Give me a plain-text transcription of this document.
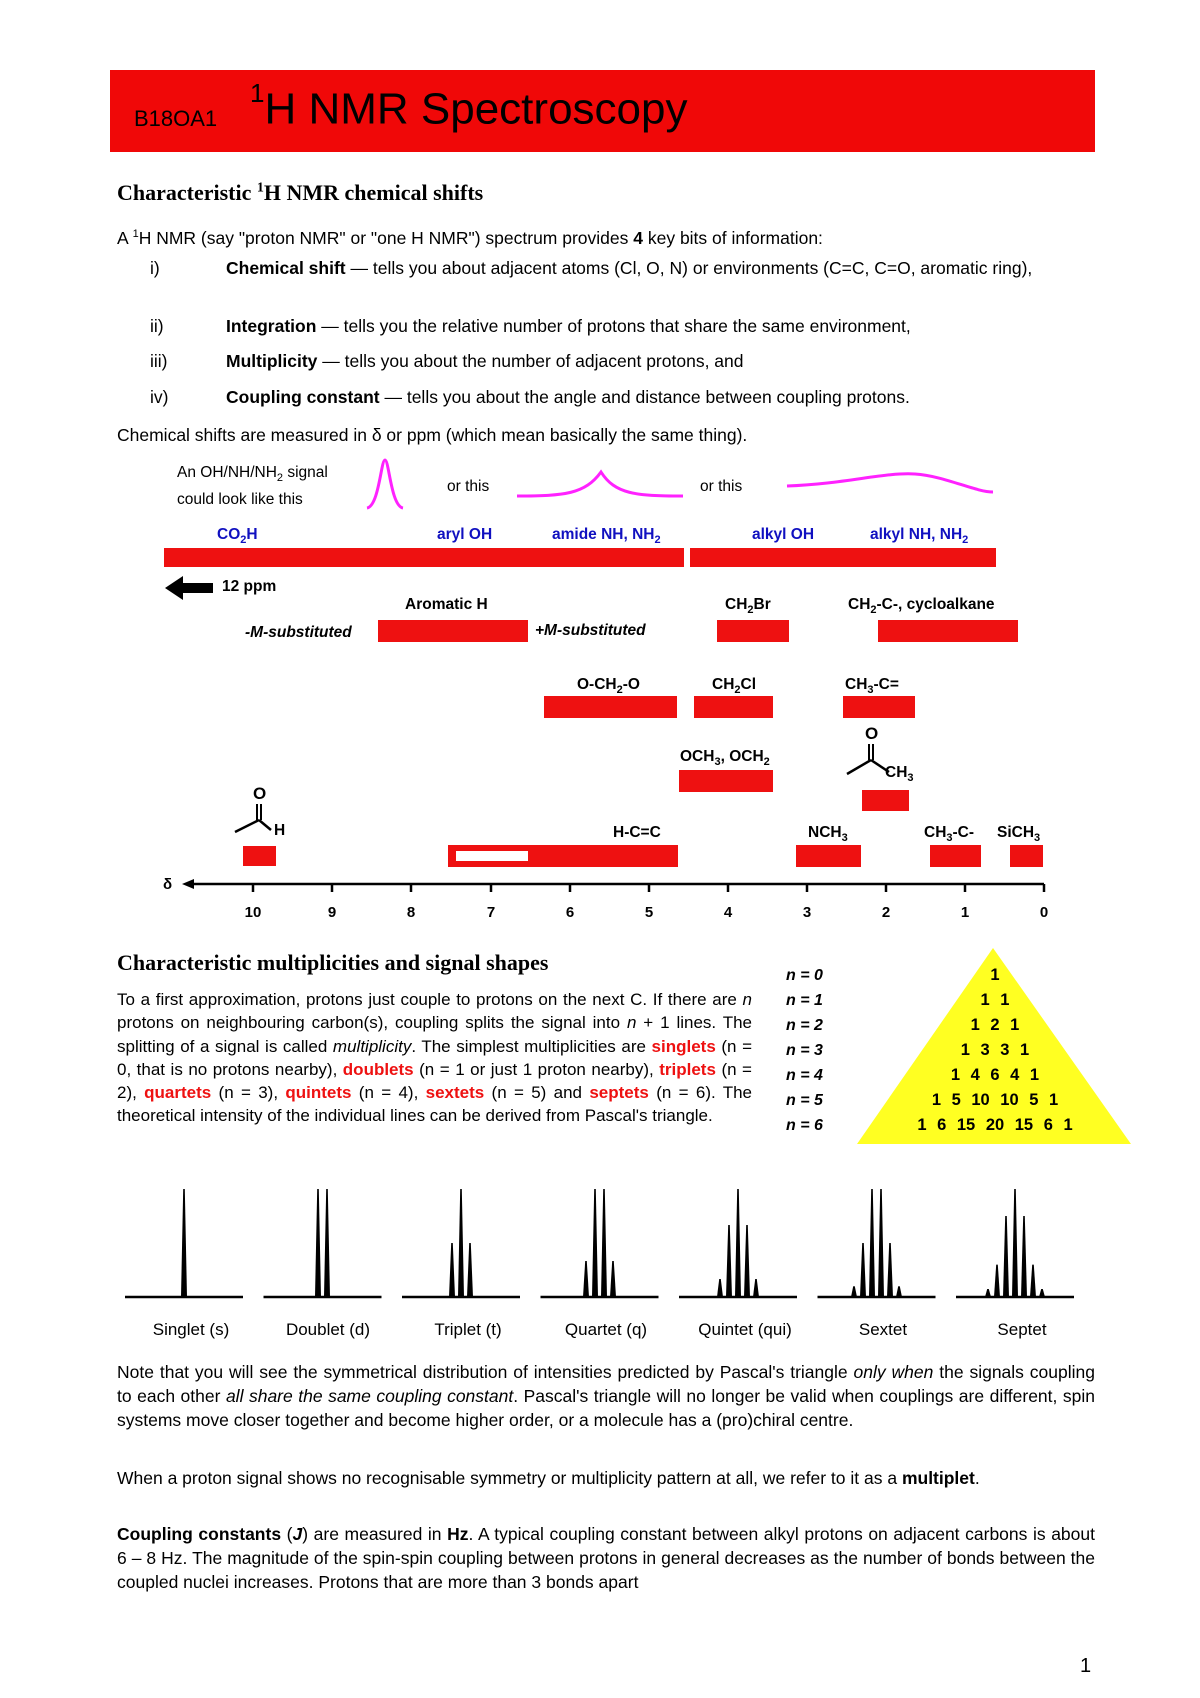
B18OA1
$^1$H NMR Spectroscopy
Characteristic $^1$H NMR chemical shifts
A $^1$H NMR (say "proton NMR" or "one H NMR") spectrum provides 4 key bits of information:
i)	Chemical shift — tells you about adjacent atoms (Cl, O, N) or environments (C=C, C=O, aromatic ring),
ii)	Integration — tells you the relative number of protons that share the same environment,
iii)	Multiplicity — tells you about the number of adjacent protons, and
iv)	Coupling constant — tells you about the angle and distance between coupling protons.
Chemical shifts are measured in δ or ppm (which mean basically the same thing).
An $OH/NH/NH_2$ signal
could look like this
or this	or this
$CO_2H$	aryl OH	amide NH, $NH_2$	alkyl OH	alkyl NH, $NH_2$
12 ppm
Aromatic H
-M-substituted	+M-substituted
$CH_2Br$	$CH_2-C-$, cycloalkane
$O-CH_2-O$	$CH_2Cl$	$CH_3-C=$
$OCH_3$, $OCH_2$
O
$CH_3$
O
H	H-C=C	$NCH_3$	$CH_3-C-$ SiCH$_3$
δ
10	9	8	7	6	5	4	3	2	1	0
Characteristic multiplicities and signal shapes
To a first approximation, protons just couple to protons on the next C. If there are n protons on neighbouring carbon(s), coupling splits the signal into n + 1 lines. The splitting of a signal is called multiplicity. The simplest multiplicities are singlets (n = 0, that is no protons nearby), doublets (n = 1 or just 1 proton nearby), triplets (n = 2), quartets (n = 3), quintets (n = 4), sextets (n = 5) and septets (n = 6). The theoretical intensity of the individual lines can be derived from Pascal's triangle.
n = 0
n = 1
n = 2
n = 3
n = 4
n = 5
n = 6
1
1 1
1 2 1
1 3 3 1
1 4 6 4 1
1 5 10 10 5 1
1 6 15 20 15 6 1
Singlet (s)	Doublet (d)	Triplet (t)	Quartet (q)	Quintet (qui)	Sextet	Septet
Note that you will see the symmetrical distribution of intensities predicted by Pascal's triangle only when the signals coupling to each other all share the same coupling constant. Pascal's triangle will no longer be valid when couplings are different, spin systems move closer together and become higher order, or a molecule has a (pro)chiral centre.
When a proton signal shows no recognisable symmetry or multiplicity pattern at all, we refer to it as a multiplet.
Coupling constants (J) are measured in Hz. A typical coupling constant between alkyl protons on adjacent carbons is about 6 – 8 Hz. The magnitude of the spin-spin coupling between protons in general decreases as the number of bonds between the coupled nuclei increases. Protons that are more than 3 bonds apart
1
